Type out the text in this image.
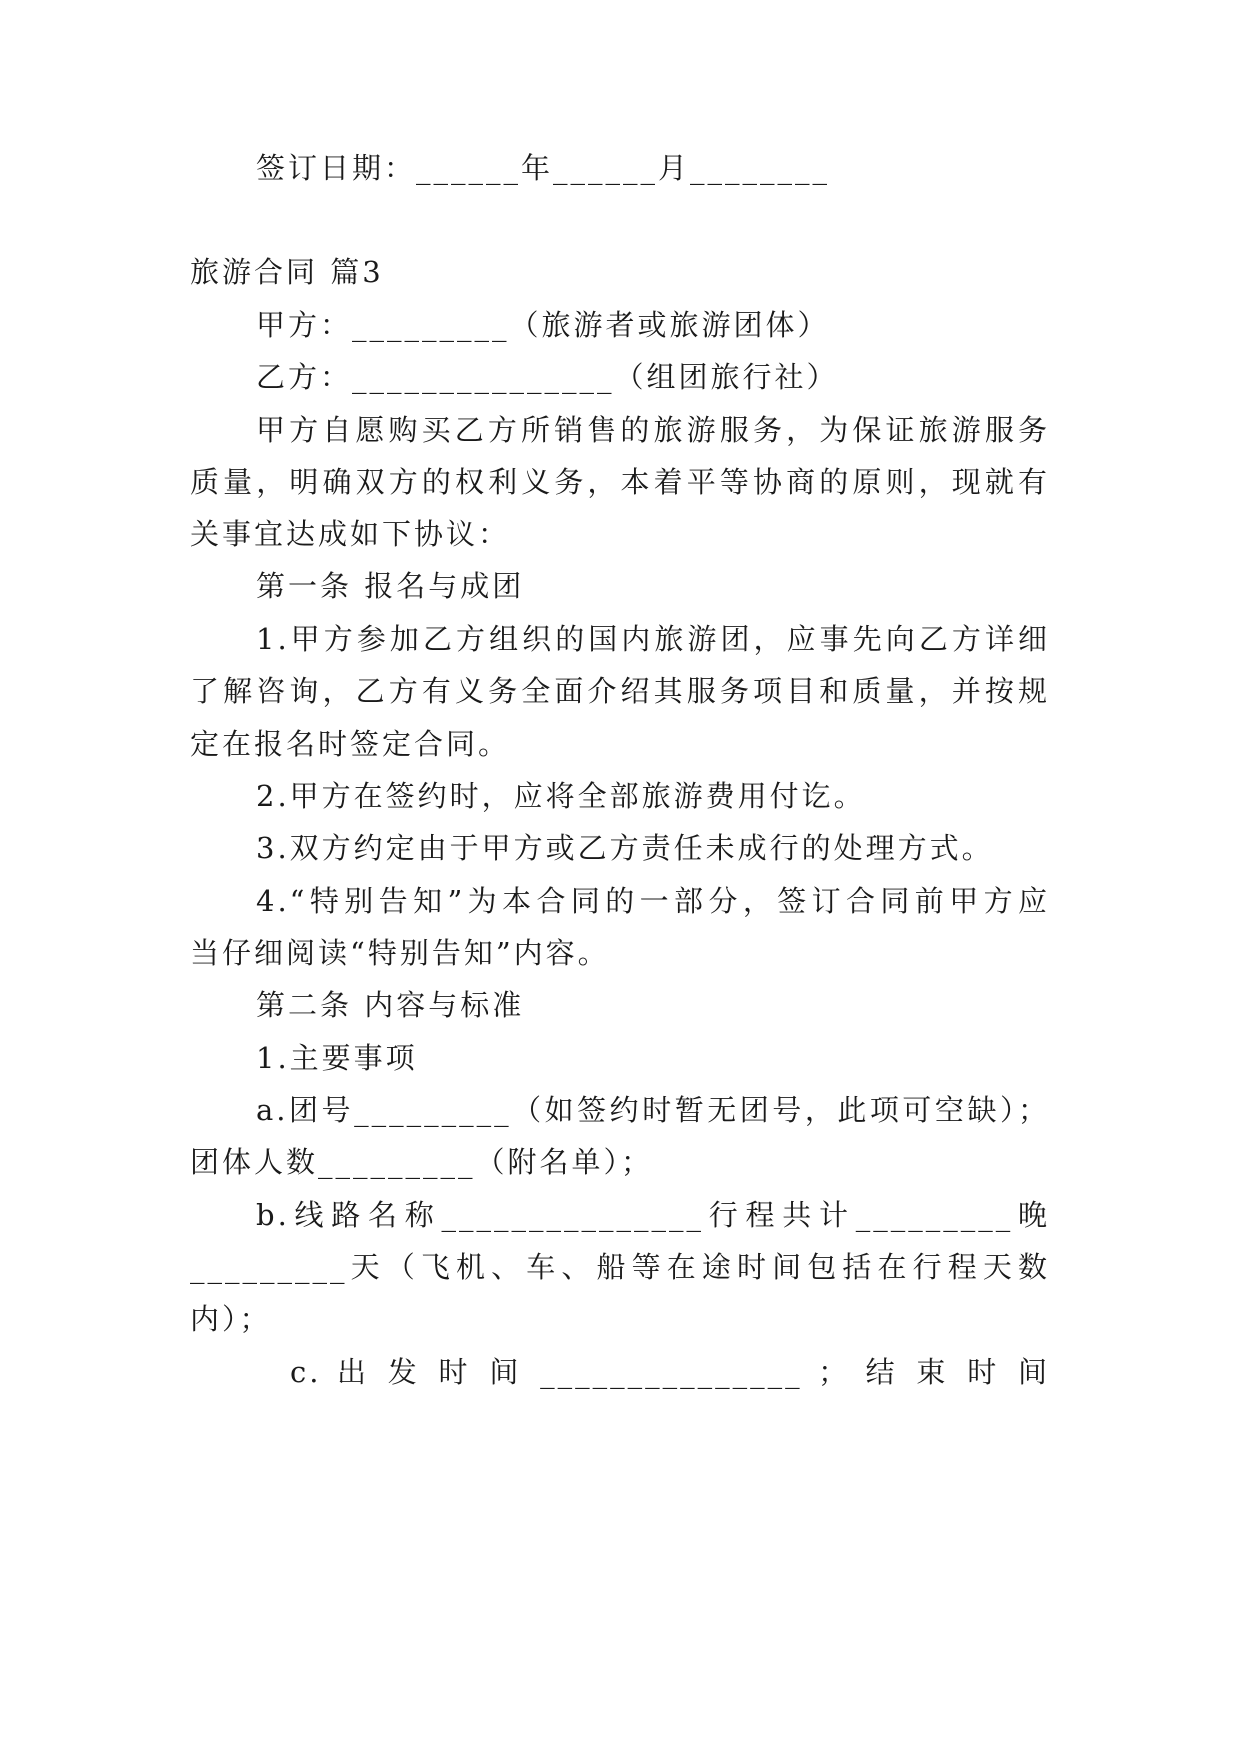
签订日期：______年______月________
旅游合同 篇3
甲方：_________（旅游者或旅游团体）
乙方：_______________（组团旅行社）
甲方自愿购买乙方所销售的旅游服务，为保证旅游服务
质量，明确双方的权利义务，本着平等协商的原则，现就有
关事宜达成如下协议：
第一条 报名与成团
1.甲方参加乙方组织的国内旅游团，应事先向乙方详细
了解咨询，乙方有义务全面介绍其服务项目和质量，并按规
定在报名时签定合同。
2.甲方在签约时，应将全部旅游费用付讫。
3.双方约定由于甲方或乙方责任未成行的处理方式。
4.“特别告知”为本合同的一部分，签订合同前甲方应
当仔细阅读“特别告知”内容。
第二条 内容与标准
1.主要事项
a.团号_________（如签约时暂无团号，此项可空缺）；
团体人数_________（附名单）；
b.线路名称_______________行程共计_________晚
_________天（飞机、车、船等在途时间包括在行程天数
内）；
c. 出 发 时 间 _______________ ； 结 束 时 间
